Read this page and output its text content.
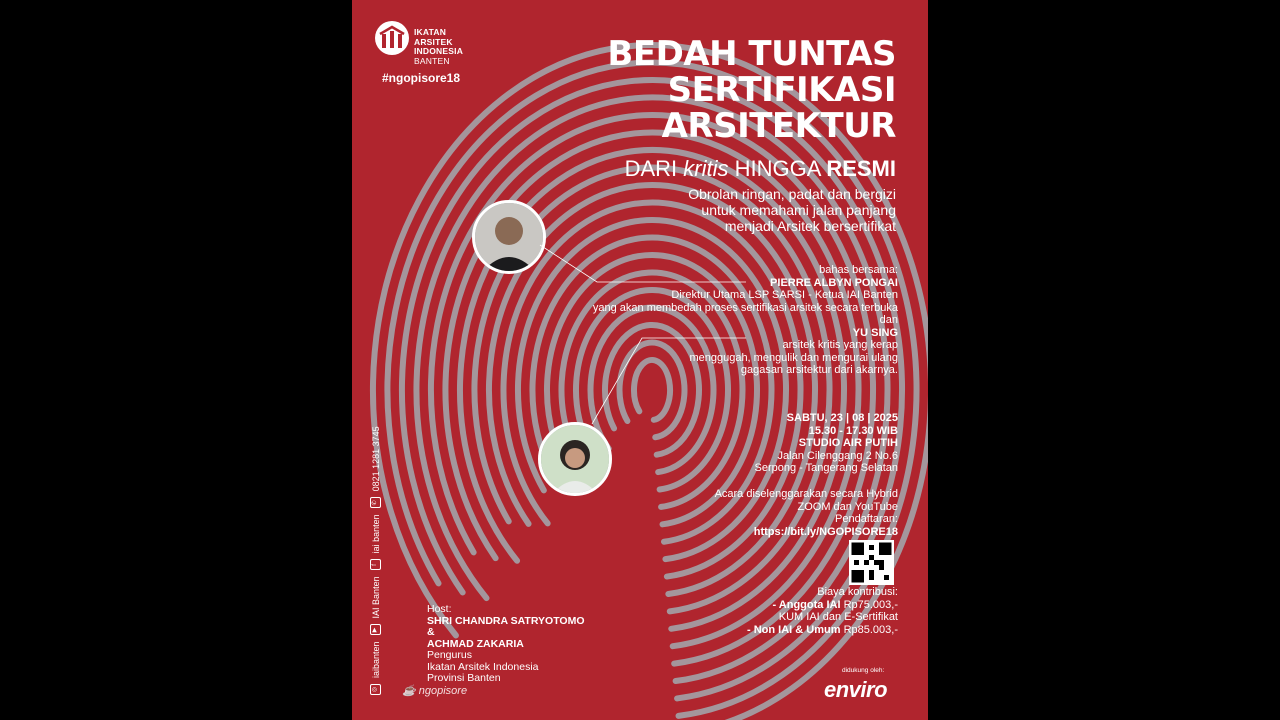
IKATAN
ARSITEK
INDONESIA
BANTEN
#ngopisore18
BEDAH TUNTAS
SERTIFIKASI
ARSITEKTUR
DARI kritis HINGGA RESMI
Obrolan ringan, padat dan bergizi
untuk memahami jalan panjang
menjadi Arsitek bersertifikat
bahas bersama:
PIERRE ALBYN PONGAI
Direktur Utama LSP SARSI - Ketua IAI Banten
yang akan membedah proses sertifikasi arsitek secara terbuka
dan
YU SING
arsitek kritis yang kerap
menggugah, mengulik dan mengurai ulang
gagasan arsitektur dari akarnya.
SABTU, 23 | 08 | 2025
15.30 - 17.30 WIB
STUDIO AIR PUTIH
Jalan Cilenggang 2 No.6
Serpong - Tangerang Selatan
Acara diselenggarakan secara Hybrid
ZOOM dan YouTube
Pendaftaran:
https://bit.ly/NGOPISORE18
Biaya kontribusi:
- Anggota IAI Rp75.003,-
KUM IAI dan E-Sertifikat
- Non IAI & Umum Rp85.003,-
Host:
SHRI CHANDRA SATRYOTOMO
&
ACHMAD ZAKARIA
Pengurus
Ikatan Arsitek Indonesia
Provinsi Banten
☕ ngopisore
didukung oleh:
enviro
◎
iaibanten
▶
IAI Banten
f
iai banten
✆
0821 1281 3745
